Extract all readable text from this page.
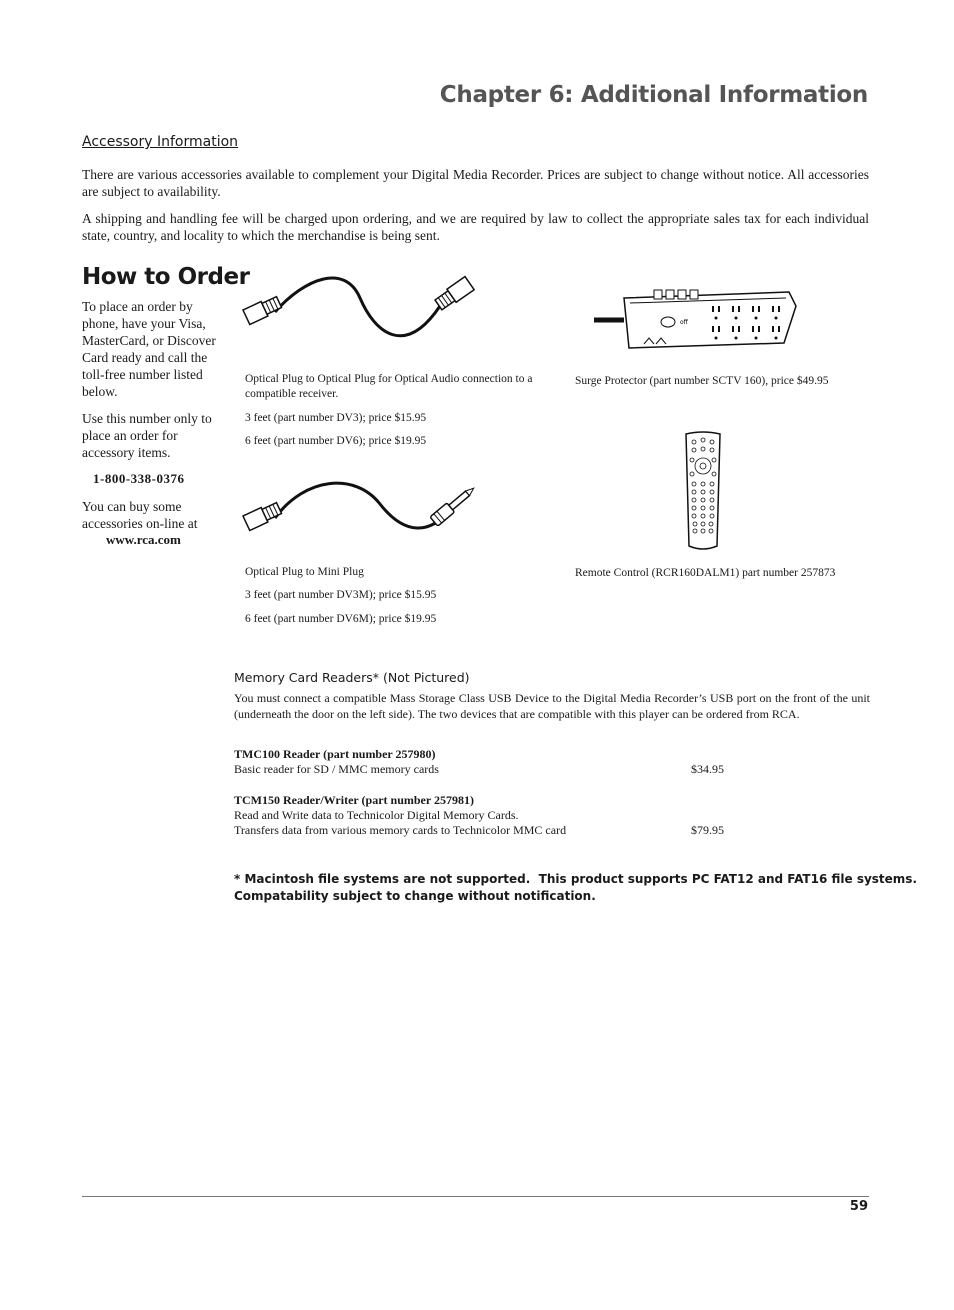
Chapter 6: Additional Information
Accessory Information
There are various accessories available to complement your Digital Media Recorder. Prices are subject to change without notice. All accessories are subject to availability.
A shipping and handling fee will be charged upon ordering, and we are required by law to collect the appropriate sales tax for each individual state, country, and locality to which the merchandise is being sent.
How to Order
To place an order by phone, have your Visa, MasterCard, or Discover Card ready and call the toll-free number listed below.
Use this number only to place an order for accessory items.
1-800-338-0376
You can buy some accessories on-line at
www.rca.com
Optical Plug to Optical Plug for Optical Audio connection to a compatible receiver.
3 feet (part number DV3); price $15.95
6 feet (part number DV6); price $19.95
off
Surge Protector (part number SCTV 160), price $49.95
Optical Plug to Mini Plug
3 feet (part number DV3M); price $15.95
6 feet (part number DV6M); price $19.95
Remote Control (RCR160DALM1) part number 257873
Memory Card Readers* (Not Pictured)
You must connect a compatible Mass Storage Class USB Device to the Digital Media Recorder’s USB port on the front of the unit (underneath the door on the left side). The two devices that are compatible with this player can be ordered from RCA.
TMC100 Reader (part number 257980)
Basic reader for SD / MMC memory cards	$34.95
TCM150 Reader/Writer (part number 257981)
Read and Write data to Technicolor Digital Memory Cards.
Transfers data from various memory cards to Technicolor MMC card	$79.95
* Macintosh file systems are not supported.  This product supports PC FAT12 and FAT16 file systems.
Compatability subject to change without notification.
59
